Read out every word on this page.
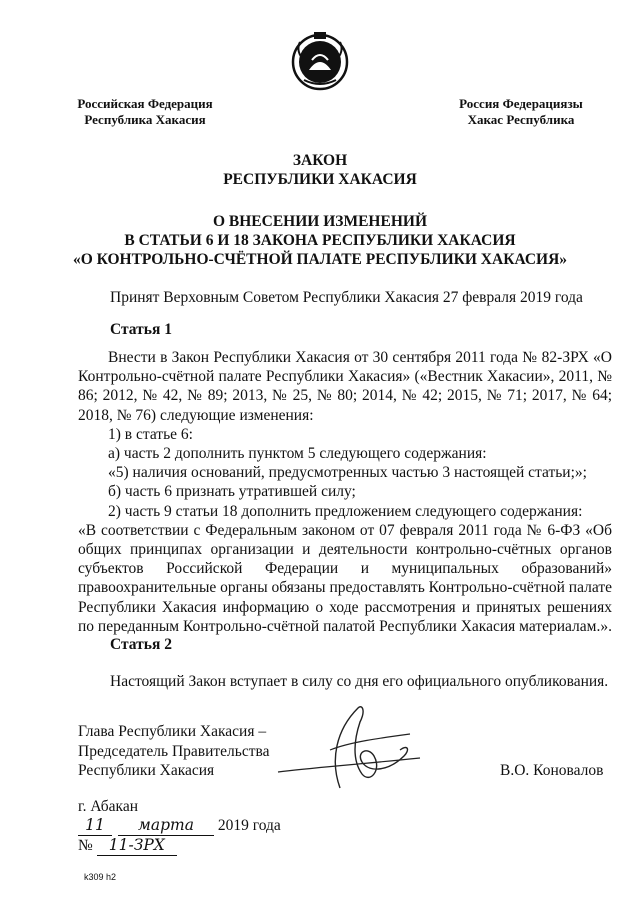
Российская Федерация
Республика Хакасия
Россия Федерациязы
Хакас Республика
ЗАКОН
РЕСПУБЛИКИ ХАКАСИЯ
О ВНЕСЕНИИ ИЗМЕНЕНИЙ
В СТАТЬИ 6 И 18 ЗАКОНА РЕСПУБЛИКИ ХАКАСИЯ
«О КОНТРОЛЬНО-СЧЁТНОЙ ПАЛАТЕ РЕСПУБЛИКИ ХАКАСИЯ»
Принят Верховным Советом Республики Хакасия 27 февраля 2019 года
Статья 1

Внести в Закон Республики Хакасия от 30 сентября 2011 года № 82-ЗРХ «О Контрольно-счётной палате Республики Хакасия» («Вестник Хакасии», 2011, № 86; 2012, № 42, № 89; 2013, № 25, № 80; 2014, № 42; 2015, № 71; 2017, № 64; 2018, № 76) следующие изменения:

1) в статье 6:

а) часть 2 дополнить пунктом 5 следующего содержания:

«5) наличия оснований, предусмотренных частью 3 настоящей статьи;»;

б) часть 6 признать утратившей силу;

2) часть 9 статьи 18 дополнить предложением следующего содержания:

«В соответствии с Федеральным законом от 07 февраля 2011 года № 6-ФЗ «Об общих принципах организации и деятельности контрольно-счётных органов субъектов Российской Федерации и муниципальных образований» правоохранительные органы обязаны предоставлять Контрольно-счётной палате Республики Хакасия информацию о ходе рассмотрения и принятых решениях по переданным Контрольно-счётной палатой Республики Хакасия материалам.».

Статья 2
Настоящий Закон вступает в силу со дня его официального опубликования.
Глава Республики Хакасия –
Председатель Правительства
Республики Хакасия	В.О. Коновалов
г. Абакан
11 марта 2019 года
№ 11-ЗРХ
k309 h2
